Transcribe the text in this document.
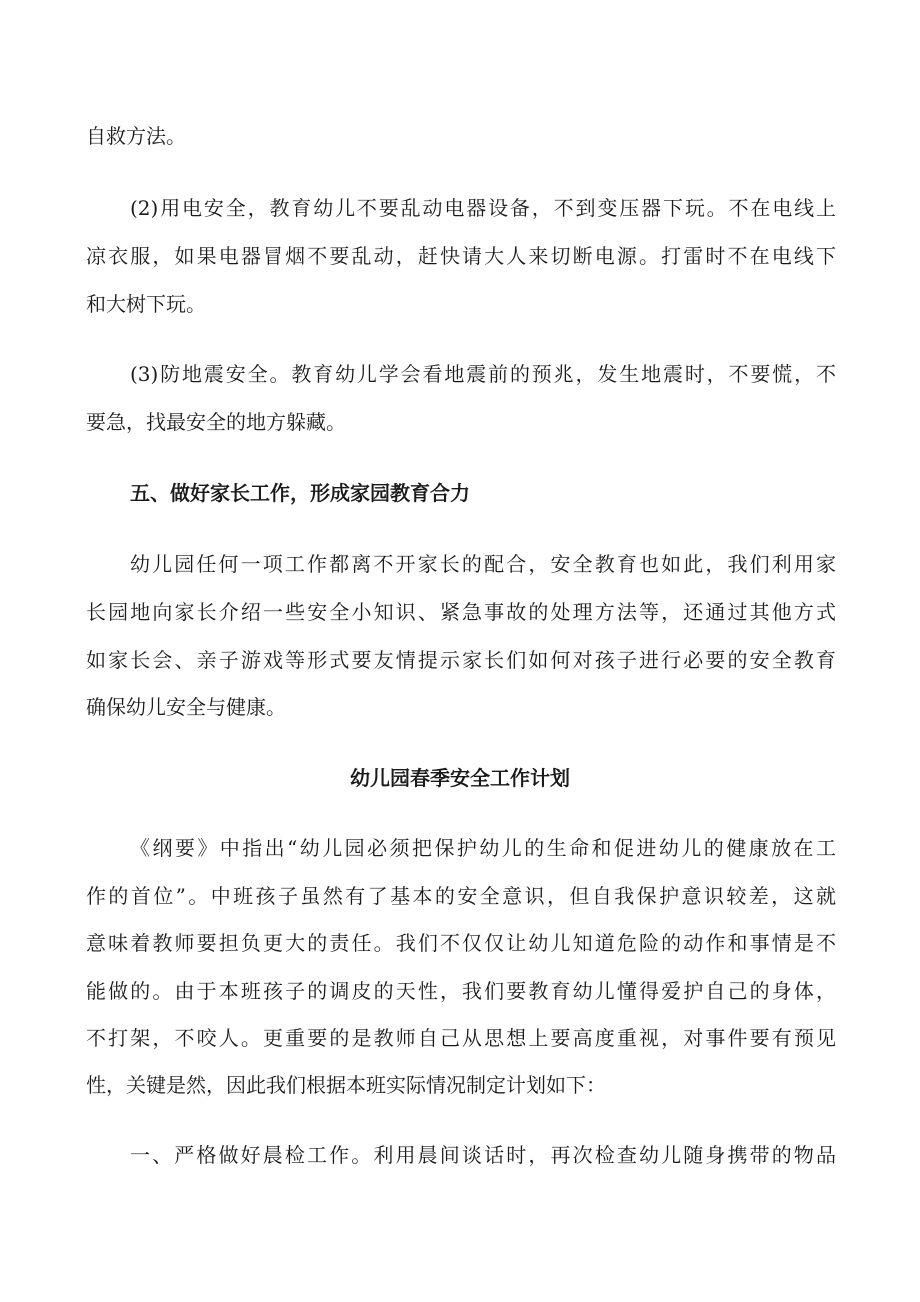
自救方法。
(2)用电安全，教育幼儿不要乱动电器设备，不到变压器下玩。不在电线上
凉衣服，如果电器冒烟不要乱动，赶快请大人来切断电源。打雷时不在电线下
和大树下玩。
(3)防地震安全。教育幼儿学会看地震前的预兆，发生地震时，不要慌，不
要急，找最安全的地方躲藏。
五、做好家长工作，形成家园教育合力
幼儿园任何一项工作都离不开家长的配合，安全教育也如此，我们利用家
长园地向家长介绍一些安全小知识、紧急事故的处理方法等，还通过其他方式
如家长会、亲子游戏等形式要友情提示家长们如何对孩子进行必要的安全教育
确保幼儿安全与健康。
幼儿园春季安全工作计划
《纲要》中指出“幼儿园必须把保护幼儿的生命和促进幼儿的健康放在工
作的首位”。中班孩子虽然有了基本的安全意识，但自我保护意识较差，这就
意味着教师要担负更大的责任。我们不仅仅让幼儿知道危险的动作和事情是不
能做的。由于本班孩子的调皮的天性，我们要教育幼儿懂得爱护自己的身体，
不打架，不咬人。更重要的是教师自己从思想上要高度重视，对事件要有预见
性，关键是然，因此我们根据本班实际情况制定计划如下：
一、严格做好晨检工作。利用晨间谈话时，再次检查幼儿随身携带的物品
